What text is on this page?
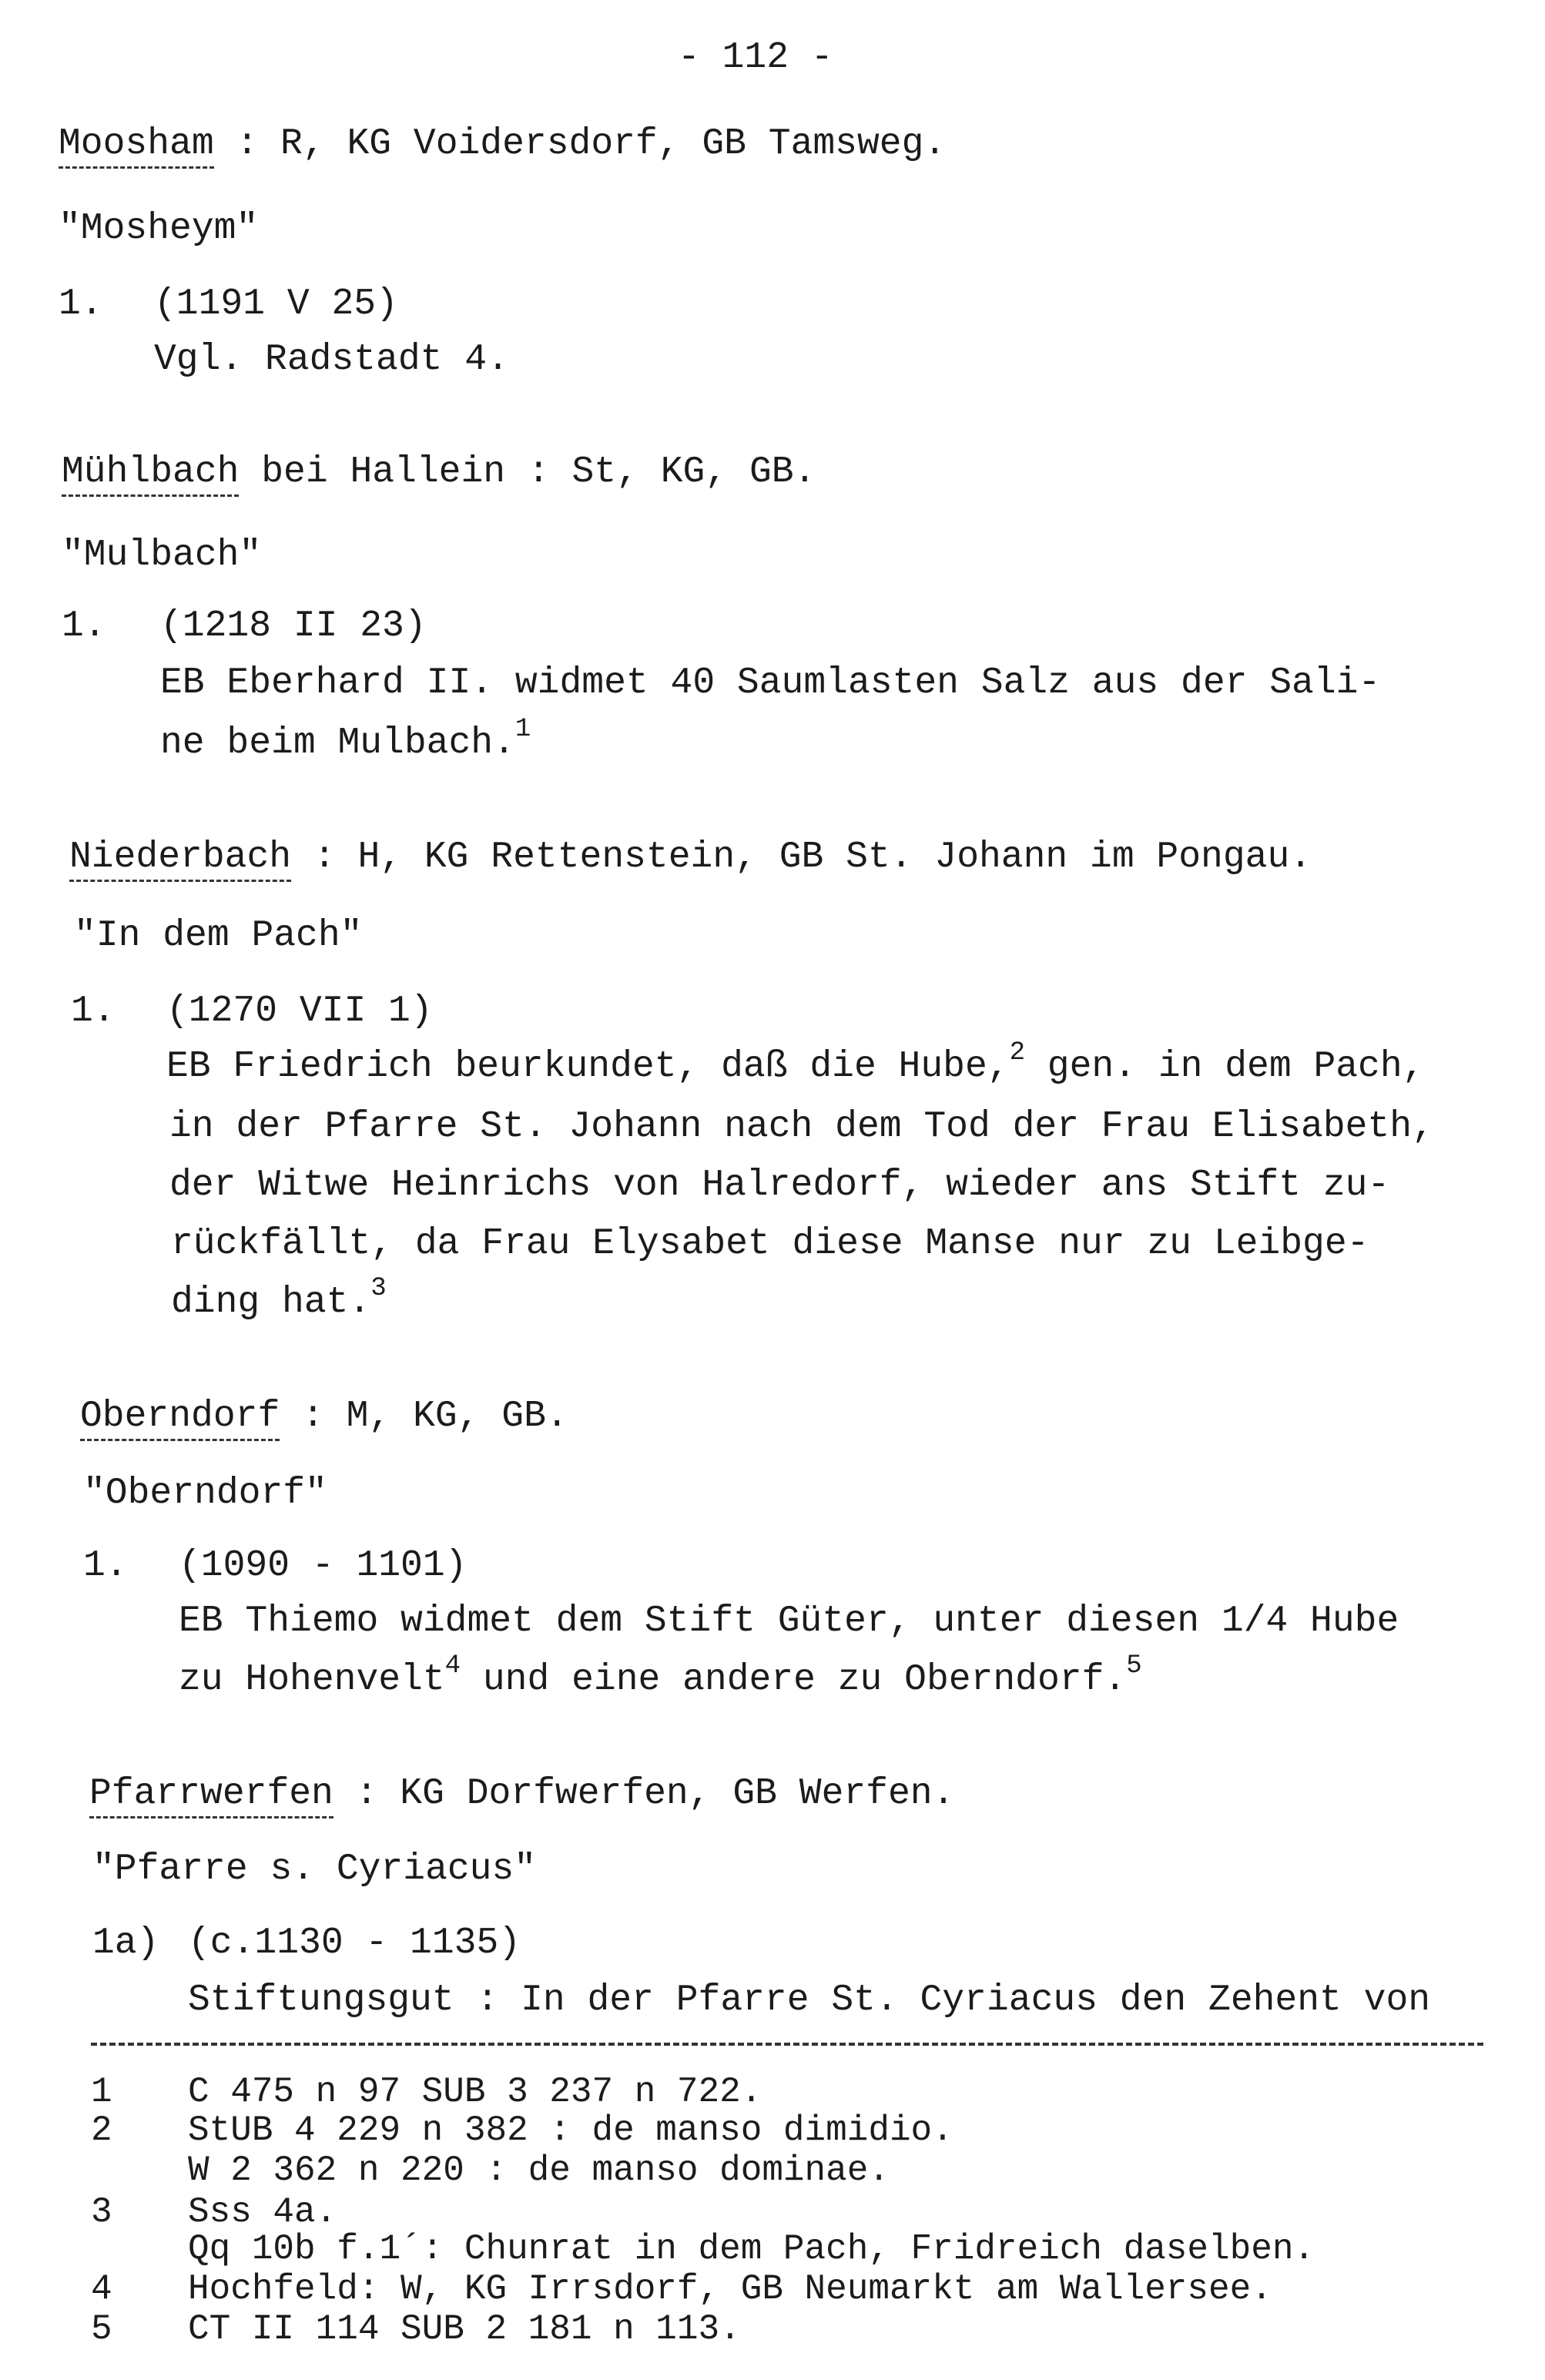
- 112 -
Moosham : R, KG Voidersdorf, GB Tamsweg.
"Mosheym"
1. (1191 V 25)
Vgl. Radstadt 4.
Mühlbach bei Hallein : St, KG, GB.
"Mulbach"
1. (1218 II 23)
EB Eberhard II. widmet 40 Saumlasten Salz aus der Sali-
ne beim Mulbach.$^1$
Niederbach : H, KG Rettenstein, GB St. Johann im Pongau.
"In dem Pach"
1. (1270 VII 1)
EB Friedrich beurkundet, daß die Hube,$^2$ gen. in dem Pach,
in der Pfarre St. Johann nach dem Tod der Frau Elisabeth,
der Witwe Heinrichs von Halredorf, wieder ans Stift zu-
rückfällt, da Frau Elysabet diese Manse nur zu Leibge-
ding hat.$^3$
Oberndorf : M, KG, GB.
"Oberndorf"
1. (1090 - 1101)
EB Thiemo widmet dem Stift Güter, unter diesen 1/4 Hube
zu Hohenvelt$^4$ und eine andere zu Oberndorf.$^5$
Pfarrwerfen : KG Dorfwerfen, GB Werfen.
"Pfarre s. Cyriacus"
1a) (c.1130 - 1135)
Stiftungsgut : In der Pfarre St. Cyriacus den Zehent von
1 C 475 n 97 SUB 3 237 n 722.
2 StUB 4 229 n 382 : de manso dimidio.
W 2 362 n 220 : de manso dominae.
3 Sss 4a.
Qq 10b f.1´: Chunrat in dem Pach, Fridreich daselben.
4 Hochfeld: W, KG Irrsdorf, GB Neumarkt am Wallersee.
5 CT II 114 SUB 2 181 n 113.
